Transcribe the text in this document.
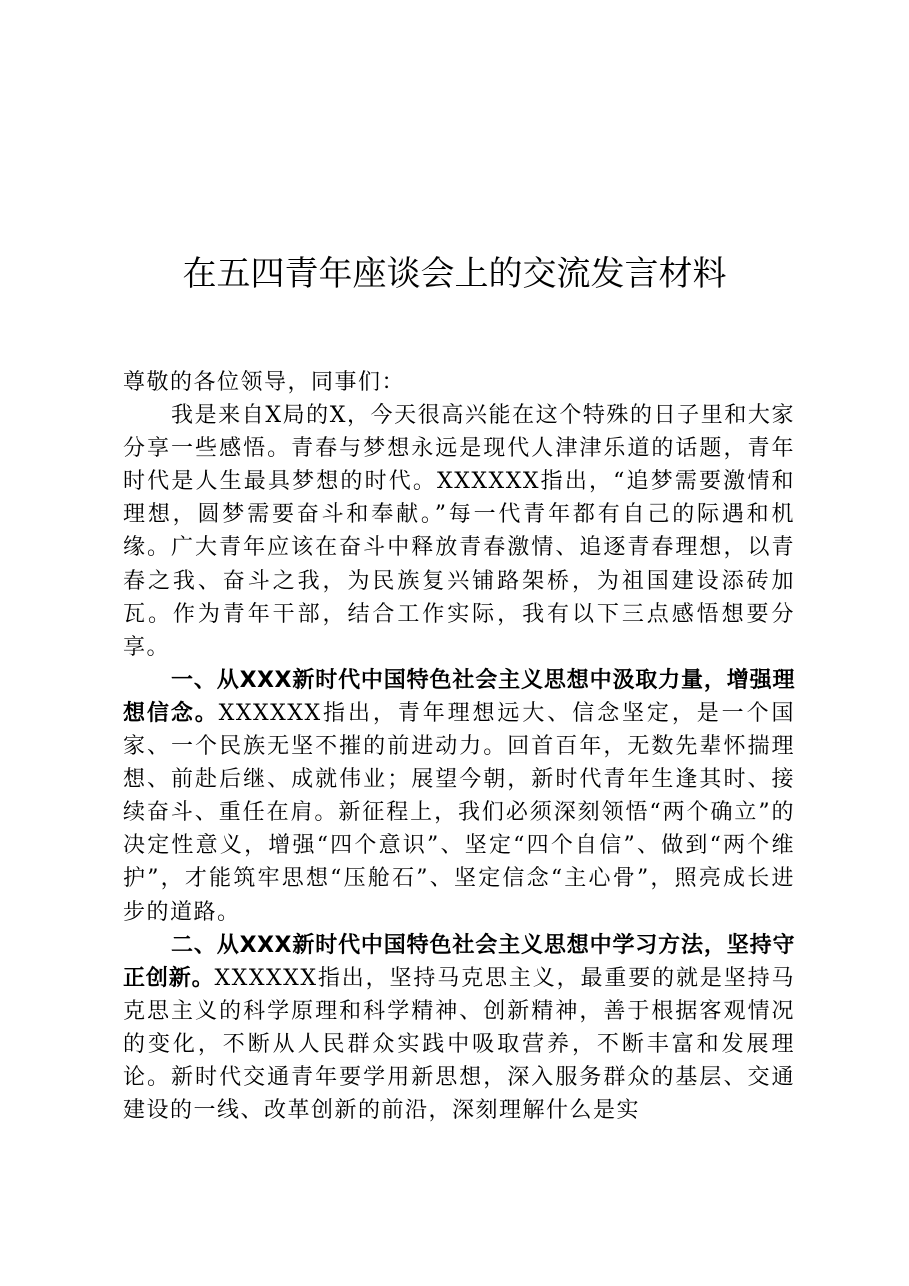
在五四青年座谈会上的交流发言材料

尊敬的各位领导，同事们：

我是来自X局的X，今天很高兴能在这个特殊的日子里和大家分享一些感悟。青春与梦想永远是现代人津津乐道的话题，青年时代是人生最具梦想的时代。XXXXXX指出，“追梦需要激情和理想，圆梦需要奋斗和奉献。”每一代青年都有自己的际遇和机缘。广大青年应该在奋斗中释放青春激情、追逐青春理想，以青春之我、奋斗之我，为民族复兴铺路架桥，为祖国建设添砖加瓦。作为青年干部，结合工作实际，我有以下三点感悟想要分享。

一、从XXX新时代中国特色社会主义思想中汲取力量，增强理想信念。XXXXXX指出，青年理想远大、信念坚定，是一个国家、一个民族无坚不摧的前进动力。回首百年，无数先辈怀揣理想、前赴后继、成就伟业；展望今朝，新时代青年生逢其时、接续奋斗、重任在肩。新征程上，我们必须深刻领悟“两个确立”的决定性意义，增强“四个意识”、坚定“四个自信”、做到“两个维护”，才能筑牢思想“压舱石”、坚定信念“主心骨”，照亮成长进步的道路。

二、从XXX新时代中国特色社会主义思想中学习方法，坚持守正创新。XXXXXX指出，坚持马克思主义，最重要的就是坚持马克思主义的科学原理和科学精神、创新精神，善于根据客观情况的变化，不断从人民群众实践中吸取营养，不断丰富和发展理论。新时代交通青年要学用新思想，深入服务群众的基层、交通建设的一线、改革创新的前沿，深刻理解什么是实
